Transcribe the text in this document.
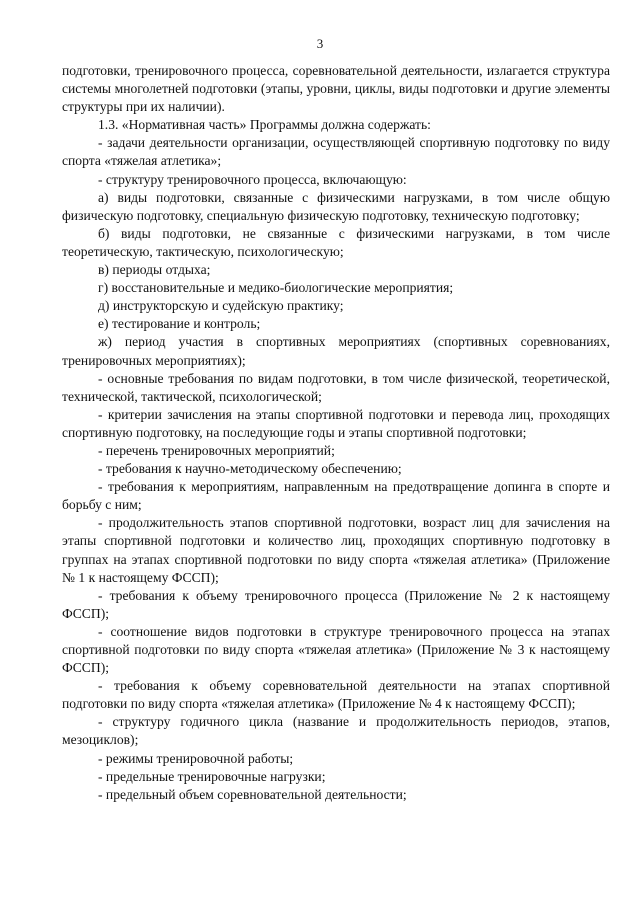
3

подготовки, тренировочного процесса, соревновательной деятельности, излагается структура системы многолетней подготовки (этапы, уровни, циклы, виды подготовки и другие элементы структуры при их наличии).

1.3. «Нормативная часть» Программы должна содержать:

- задачи деятельности организации, осуществляющей спортивную подготовку по виду спорта «тяжелая атлетика»;

- структуру тренировочного процесса, включающую:

а) виды подготовки, связанные с физическими нагрузками, в том числе общую физическую подготовку, специальную физическую подготовку, техническую подготовку;

б) виды подготовки, не связанные с физическими нагрузками, в том числе теоретическую, тактическую, психологическую;

в) периоды отдыха;

г) восстановительные и медико-биологические мероприятия;

д) инструкторскую и судейскую практику;

е) тестирование и контроль;

ж) период участия в спортивных мероприятиях (спортивных соревнованиях, тренировочных мероприятиях);

- основные требования по видам подготовки, в том числе физической, теоретической, технической, тактической, психологической;

- критерии зачисления на этапы спортивной подготовки и перевода лиц, проходящих спортивную подготовку, на последующие годы и этапы спортивной подготовки;

- перечень тренировочных мероприятий;

- требования к научно-методическому обеспечению;

- требования к мероприятиям, направленным на предотвращение допинга в спорте и борьбу с ним;

- продолжительность этапов спортивной подготовки, возраст лиц для зачисления на этапы спортивной подготовки и количество лиц, проходящих спортивную подготовку в группах на этапах спортивной подготовки по виду спорта «тяжелая атлетика» (Приложение № 1 к настоящему ФССП);

- требования к объему тренировочного процесса (Приложение № 2 к настоящему ФССП);

- соотношение видов подготовки в структуре тренировочного процесса на этапах спортивной подготовки по виду спорта «тяжелая атлетика» (Приложение № 3 к настоящему ФССП);

- требования к объему соревновательной деятельности на этапах спортивной подготовки по виду спорта «тяжелая атлетика» (Приложение № 4 к настоящему ФССП);

- структуру годичного цикла (название и продолжительность периодов, этапов, мезоциклов);

- режимы тренировочной работы;

- предельные тренировочные нагрузки;

- предельный объем соревновательной деятельности;
